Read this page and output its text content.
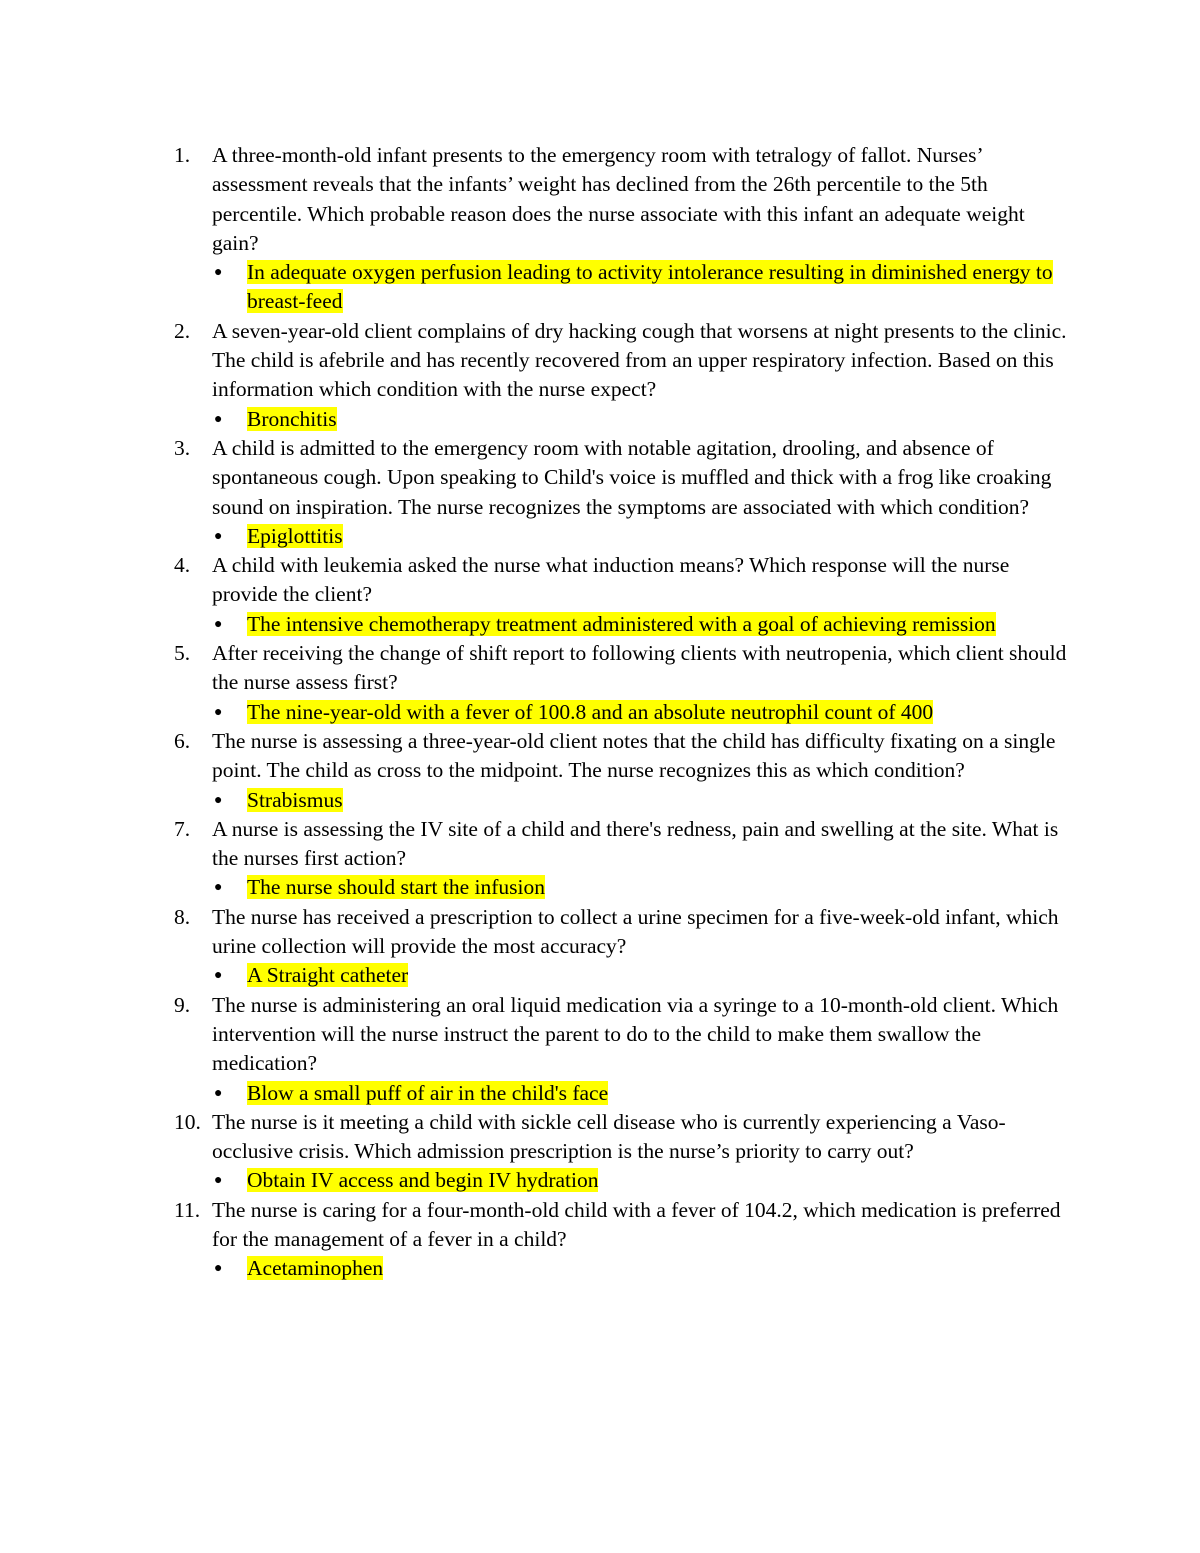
1.	A three-month-old infant presents to the emergency room with tetralogy of fallot. Nurses’ assessment reveals that the infants’ weight has declined from the 26th percentile to the 5th percentile. Which probable reason does the nurse associate with this infant an adequate weight gain?
● In adequate oxygen perfusion leading to activity intolerance resulting in diminished energy to breast-feed
2.	A seven-year-old client complains of dry hacking cough that worsens at night presents to the clinic. The child is afebrile and has recently recovered from an upper respiratory infection. Based on this information which condition with the nurse expect?
● Bronchitis
3.	A child is admitted to the emergency room with notable agitation, drooling, and absence of spontaneous cough. Upon speaking to Child's voice is muffled and thick with a frog like croaking sound on inspiration. The nurse recognizes the symptoms are associated with which condition?
● Epiglottitis
4.	A child with leukemia asked the nurse what induction means? Which response will the nurse provide the client?
● The intensive chemotherapy treatment administered with a goal of achieving remission
5.	After receiving the change of shift report to following clients with neutropenia, which client should the nurse assess first?
● The nine-year-old with a fever of 100.8 and an absolute neutrophil count of 400
6.	The nurse is assessing a three-year-old client notes that the child has difficulty fixating on a single point. The child as cross to the midpoint. The nurse recognizes this as which condition?
● Strabismus
7.	A nurse is assessing the IV site of a child and there's redness, pain and swelling at the site. What is the nurses first action?
● The nurse should start the infusion
8.	The nurse has received a prescription to collect a urine specimen for a five-week-old infant, which urine collection will provide the most accuracy?
● A Straight catheter
9.	The nurse is administering an oral liquid medication via a syringe to a 10-month-old client. Which intervention will the nurse instruct the parent to do to the child to make them swallow the medication?
● Blow a small puff of air in the child's face
10. The nurse is it meeting a child with sickle cell disease who is currently experiencing a Vaso-occlusive crisis. Which admission prescription is the nurse’s priority to carry out?
● Obtain IV access and begin IV hydration
11. The nurse is caring for a four-month-old child with a fever of 104.2, which medication is preferred for the management of a fever in a child?
● Acetaminophen
